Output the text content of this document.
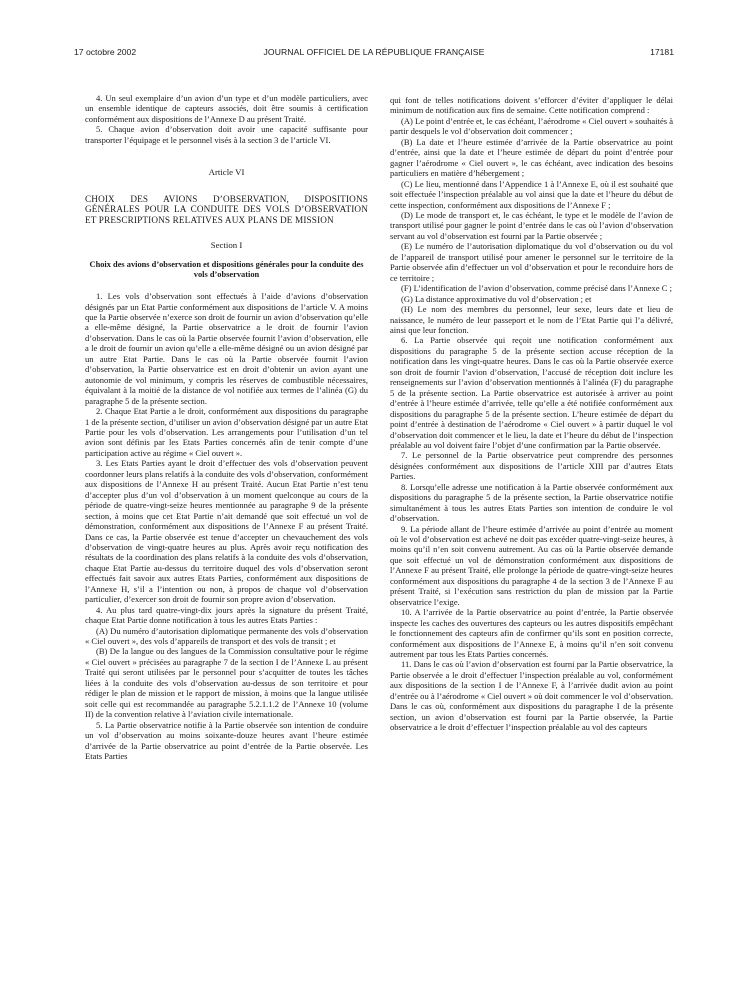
17 octobre 2002	JOURNAL OFFICIEL DE LA RÉPUBLIQUE FRANÇAISE	17181

4. Un seul exemplaire d’un avion d’un type et d’un modèle particuliers, avec un ensemble identique de capteurs associés, doit être soumis à certification conformément aux dispositions de l’Annexe D au présent Traité.

5. Chaque avion d’observation doit avoir une capacité suffisante pour transporter l’équipage et le personnel visés à la section 3 de l’article VI.

Article VI

CHOIX DES AVIONS D’OBSERVATION, DISPOSITIONS GÉNÉRALES POUR LA CONDUITE DES VOLS D’OBSERVATION ET PRESCRIPTIONS RELATIVES AUX PLANS DE MISSION

Section I

Choix des avions d’observation et dispositions générales pour la conduite des vols d’observation

1. Les vols d’observation sont effectués à l’aide d’avions d’observation désignés par un Etat Partie conformément aux dispositions de l’article V. A moins que la Partie observée n’exerce son droit de fournir un avion d’observation qu’elle a elle-même désigné, la Partie observatrice a le droit de fournir l’avion d’observation. Dans le cas où la Partie observée fournit l’avion d’observation, elle a le droit de fournir un avion qu’elle a elle-même désigné ou un avion désigné par un autre Etat Partie. Dans le cas où la Partie observée fournit l’avion d’observation, la Partie observatrice est en droit d’obtenir un avion ayant une autonomie de vol minimum, y compris les réserves de combustible nécessaires, équivalant à la moitié de la distance de vol notifiée aux termes de l’alinéa (G) du paragraphe 5 de la présente section.

2. Chaque Etat Partie a le droit, conformément aux dispositions du paragraphe 1 de la présente section, d’utiliser un avion d’observation désigné par un autre Etat Partie pour les vols d’observation. Les arrangements pour l’utilisation d’un tel avion sont définis par les Etats Parties concernés afin de tenir compte d’une participation active au régime « Ciel ouvert ».

3. Les Etats Parties ayant le droit d’effectuer des vols d’observation peuvent coordonner leurs plans relatifs à la conduite des vols d’observation, conformément aux dispositions de l’Annexe H au présent Traité. Aucun Etat Partie n’est tenu d’accepter plus d’un vol d’observation à un moment quelconque au cours de la période de quatre-vingt-seize heures mentionnée au paragraphe 9 de la présente section, à moins que cet Etat Partie n’ait demandé que soit effectué un vol de démonstration, conformément aux dispositions de l’Annexe F au présent Traité. Dans ce cas, la Partie observée est tenue d’accepter un chevauchement des vols d’observation de vingt-quatre heures au plus. Après avoir reçu notification des résultats de la coordination des plans relatifs à la conduite des vols d’observation, chaque Etat Partie au-dessus du territoire duquel des vols d’observation seront effectués fait savoir aux autres Etats Parties, conformément aux dispositions de l’Annexe H, s’il a l’intention ou non, à propos de chaque vol d’observation particulier, d’exercer son droit de fournir son propre avion d’observation.

4. Au plus tard quatre-vingt-dix jours après la signature du présent Traité, chaque Etat Partie donne notification à tous les autres Etats Parties :

(A) Du numéro d’autorisation diplomatique permanente des vols d’observation « Ciel ouvert », des vols d’appareils de transport et des vols de transit ; et

(B) De la langue ou des langues de la Commission consultative pour le régime « Ciel ouvert » précisées au paragraphe 7 de la section I de l’Annexe L au présent Traité qui seront utilisées par le personnel pour s’acquitter de toutes les tâches liées à la conduite des vols d’observation au-dessus de son territoire et pour rédiger le plan de mission et le rapport de mission, à moins que la langue utilisée soit celle qui est recommandée au paragraphe 5.2.1.1.2 de l’Annexe 10 (volume II) de la convention relative à l’aviation civile internationale.

5. La Partie observatrice notifie à la Partie observée son intention de conduire un vol d’observation au moins soixante-douze heures avant l’heure estimée d’arrivée de la Partie observatrice au point d’entrée de la Partie observée. Les Etats Parties

qui font de telles notifications doivent s’efforcer d’éviter d’appliquer le délai minimum de notification aux fins de semaine. Cette notification comprend :

(A) Le point d’entrée et, le cas échéant, l’aérodrome « Ciel ouvert » souhaités à partir desquels le vol d’observation doit commencer ;

(B) La date et l’heure estimée d’arrivée de la Partie observatrice au point d’entrée, ainsi que la date et l’heure estimée de départ du point d’entrée pour gagner l’aérodrome « Ciel ouvert », le cas échéant, avec indication des besoins particuliers en matière d’hébergement ;

(C) Le lieu, mentionné dans l’Appendice 1 à l’Annexe E, où il est souhaité que soit effectuée l’inspection préalable au vol ainsi que la date et l’heure du début de cette inspection, conformément aux dispositions de l’Annexe F ;

(D) Le mode de transport et, le cas échéant, le type et le modèle de l’avion de transport utilisé pour gagner le point d’entrée dans le cas où l’avion d’observation servant au vol d’observation est fourni par la Partie observée ;

(E) Le numéro de l’autorisation diplomatique du vol d’observation ou du vol de l’appareil de transport utilisé pour amener le personnel sur le territoire de la Partie observée afin d’effectuer un vol d’observation et pour le reconduire hors de ce territoire ;

(F) L’identification de l’avion d’observation, comme précisé dans l’Annexe C ;

(G) La distance approximative du vol d’observation ; et

(H) Le nom des membres du personnel, leur sexe, leurs date et lieu de naissance, le numéro de leur passeport et le nom de l’Etat Partie qui l’a délivré, ainsi que leur fonction.

6. La Partie observée qui reçoit une notification conformément aux dispositions du paragraphe 5 de la présente section accuse réception de la notification dans les vingt-quatre heures. Dans le cas où la Partie observée exerce son droit de fournir l’avion d’observation, l’accusé de réception doit inclure les renseignements sur l’avion d’observation mentionnés à l’alinéa (F) du paragraphe 5 de la présente section. La Partie observatrice est autorisée à arriver au point d’entrée à l’heure estimée d’arrivée, telle qu’elle a été notifiée conformément aux dispositions du paragraphe 5 de la présente section. L’heure estimée de départ du point d’entrée à destination de l’aérodrome « Ciel ouvert » à partir duquel le vol d’observation doit commencer et le lieu, la date et l’heure du début de l’inspection préalable au vol doivent faire l’objet d’une confirmation par la Partie observée.

7. Le personnel de la Partie observatrice peut comprendre des personnes désignées conformément aux dispositions de l’article XIII par d’autres Etats Parties.

8. Lorsqu’elle adresse une notification à la Partie observée conformément aux dispositions du paragraphe 5 de la présente section, la Partie observatrice notifie simultanément à tous les autres Etats Parties son intention de conduire le vol d’observation.

9. La période allant de l’heure estimée d’arrivée au point d’entrée au moment où le vol d’observation est achevé ne doit pas excéder quatre-vingt-seize heures, à moins qu’il n’en soit convenu autrement. Au cas où la Partie observée demande que soit effectué un vol de démonstration conformément aux dispositions de l’Annexe F au présent Traité, elle prolonge la période de quatre-vingt-seize heures conformément aux dispositions du paragraphe 4 de la section 3 de l’Annexe F au présent Traité, si l’exécution sans restriction du plan de mission par la Partie observatrice l’exige.

10. A l’arrivée de la Partie observatrice au point d’entrée, la Partie observée inspecte les caches des ouvertures des capteurs ou les autres dispositifs empêchant le fonctionnement des capteurs afin de confirmer qu’ils sont en position correcte, conformément aux dispositions de l’Annexe E, à moins qu’il n’en soit convenu autrement par tous les Etats Parties concernés.

11. Dans le cas où l’avion d’observation est fourni par la Partie observatrice, la Partie observée a le droit d’effectuer l’inspection préalable au vol, conformément aux dispositions de la section I de l’Annexe F, à l’arrivée dudit avion au point d’entrée ou à l’aérodrome « Ciel ouvert » où doit commencer le vol d’observation. Dans le cas où, conformément aux dispositions du paragraphe I de la présente section, un avion d’observation est fourni par la Partie observée, la Partie observatrice a le droit d’effectuer l’inspection préalable au vol des capteurs
